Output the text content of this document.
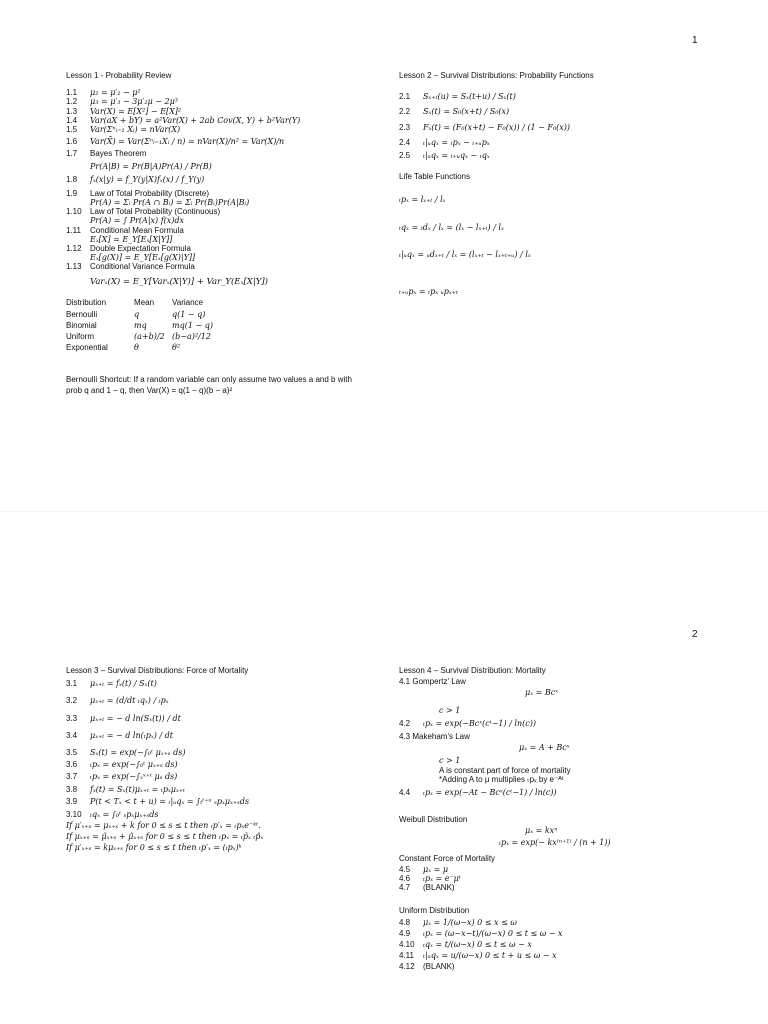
1
Lesson 1 - Probability Review
1.1 μ₂ = μ′₂ − μ²
1.2 μ₃ = μ′₃ − 3μ′₂μ − 2μ³
1.3 Var(X) = E[X²] − E[X]²
1.4 Var(aX + bY) = a²Var(X) + 2ab Cov(X, Y) + b²Var(Y)
1.5 Var(Σⁿᵢ₌₁ Xᵢ) = nVar(X)
1.6 Var(X̄) = Var(Σⁿᵢ₌₁Xᵢ / n) = nVar(X)/n² = Var(X)/n
1.7 Bayes Theorem
Pr(A|B) = Pr(B|A)Pr(A) / Pr(B)
1.8 fₓ(x|y) = f_Y(y|X)fₓ(x) / f_Y(y)
1.9 Law of Total Probability (Discrete)
Pr(A) = Σᵢ Pr(A ∩ Bᵢ) = Σᵢ Pr(Bᵢ)Pr(A|Bᵢ)
1.10 Law of Total Probability (Continuous)
Pr(A) = ∫ Pr(A|x) f(x)dx
1.11 Conditional Mean Formula
Eₓ[X] = E_Y[Eₓ[X|Y]]
1.12 Double Expectation Formula
Eₓ[g(X)] = E_Y[Eₓ[g(X)|Y]]
1.13 Conditional Variance Formula
Varₓ(X) = E_Y[Varₓ(X|Y)] + Var_Y(Eₓ[X|Y])
Distribution	Mean	Variance
Bernoulli	q	q(1 − q)
Binomial	mq	mq(1 − q)
Uniform	(a+b)/2	(b−a)²/12
Exponential	θ	θ²
Bernoulli Shortcut: If a random variable can only assume two values a and b with prob q and 1 − q, then Var(X) = q(1 − q)(b − a)²
Lesson 2 – Survival Distributions: Probability Functions
2.1 Sₓ₊ₜ(u) = Sₓ(t+u) / Sₓ(t)
2.2 Sₓ(t) = S₀(x+t) / S₀(x)
2.3 Fₓ(t) = (F₀(x+t) − F₀(x)) / (1 − F₀(x))
2.4 ₜ|ᵤqₓ = ₜpₓ − ₜ₊ᵤpₓ
2.5 ₜ|ᵤqₓ = ₜ₊ᵤqₓ − ₜqₓ
Life Table Functions
ₜpₓ = lₓ₊ₜ / lₓ
ₜqₓ = ₜdₓ / lₓ = (lₓ − lₓ₊ₜ) / lₓ
ₜ|ᵤqₓ = ᵤdₓ₊ₜ / lₓ = (lₓ₊ₜ − lₓ₊ₜ₊ᵤ) / lₓ
ₜ₊ᵤpₓ = ₜpₓ ᵤpₓ₊ₜ
2
Lesson 3 – Survival Distributions: Force of Mortality
3.1 μₓ₊ₜ = fₓ(t) / Sₓ(t)
3.2 μₓ₊ₜ = (d/dt ₜqₓ) / ₜpₓ
3.3 μₓ₊ₜ = − d ln(Sₓ(t)) / dt
3.4 μₓ₊ₜ = − d ln(ₜpₓ) / dt
3.5 Sₓ(t) = exp(−∫₀ᵗ μₓ₊ₛ ds)
3.6 ₜpₓ = exp(−∫₀ᵗ μₓ₊ₛ ds)
3.7 ₜpₓ = exp(−∫ₓˣ⁺ᵗ μₛ ds)
3.8 fₓ(t) = Sₓ(t)μₓ₊ₜ = ₜpₓμₓ₊ₜ
3.9 P(t < Tₓ < t + u) = ₜ|ᵤqₓ = ∫ₜᵗ⁺ᵘ ₛpₓμₓ₊ₛds
3.10 ₜqₓ = ∫₀ᵗ ₛpₓμₓ₊ₛds
If μ′ₓ₊ₛ = μₓ₊ₛ + k for 0 ≤ s ≤ t then ₜp′ₓ = ₜpₓe⁻ᵏᵗ.
If μₓ₊ₛ = μ̃ₓ₊ₛ + μ̂ₓ₊ₛ for 0 ≤ s ≤ t then ₜpₓ = ₜp̃ₓ ₜp̂ₓ
If μ′ₓ₊ₛ = kμₓ₊ₛ for 0 ≤ s ≤ t then ₜp′ₓ = (ₜpₓ)ᵏ
Lesson 4 – Survival Distribution: Mortality
4.1 Gompertz' Law
μₓ = Bcˣ
c > 1
4.2 ₜpₓ = exp(−Bcˣ(cᵗ−1) / ln(c))
4.3 Makeham's Law
μₓ = A + Bcˣ
c > 1
A is constant part of force of mortality
*Adding A to μ multiplies ₜpₓ by e⁻ᴬᵗ
4.4 ₜpₓ = exp(−At − Bcˣ(cᵗ−1) / ln(c))
Weibull Distribution
μₓ = kxⁿ
ₜpₓ = exp(− kx⁽ⁿ⁺¹⁾ / (n + 1))
Constant Force of Mortality
4.5 μₓ = μ
4.6 ₜpₓ = e⁻μᵗ
4.7 (BLANK)
Uniform Distribution
4.8 μₓ = 1/(ω−x) 0 ≤ x ≤ ω
4.9 ₜpₓ = (ω−x−t)/(ω−x) 0 ≤ t ≤ ω − x
4.10 ₜqₓ = t/(ω−x) 0 ≤ t ≤ ω − x
4.11 ₜ|ᵤqₓ = u/(ω−x) 0 ≤ t + u ≤ ω − x
4.12 (BLANK)
